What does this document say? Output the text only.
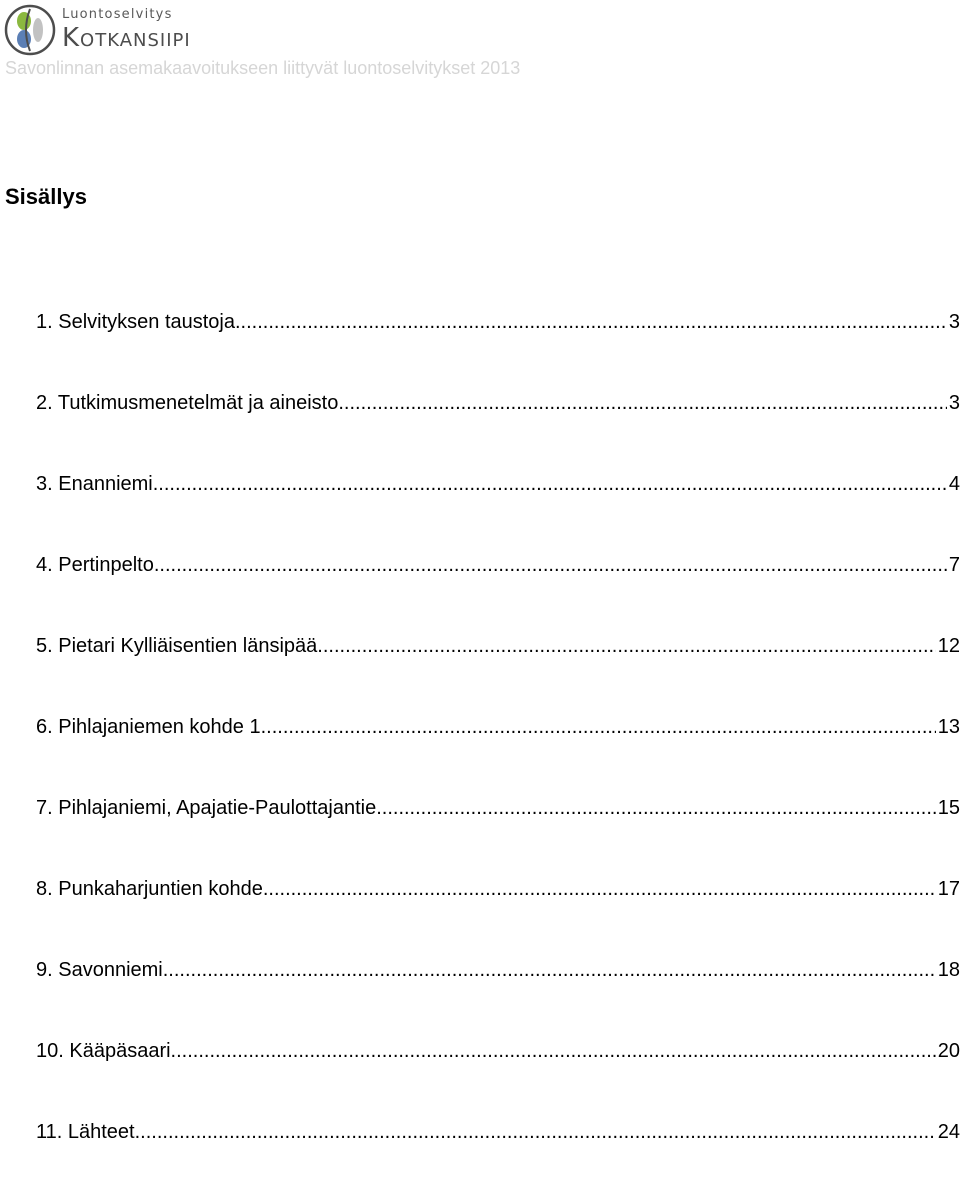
Luontoselvitys
Kotkansiipi
Savonlinnan asemakaavoitukseen liittyvät luontoselvitykset 2013
Sisällys
1. Selvityksen taustoja .....	3
2. Tutkimusmenetelmät ja aineisto .....	3
3. Enanniemi .....	4
4. Pertinpelto .....	7
5. Pietari Kylliäisentien länsipää .....	12
6. Pihlajaniemen kohde 1 .....	13
7. Pihlajaniemi, Apajatie-Paulottajantie .....	15
8. Punkaharjuntien kohde .....	17
9. Savonniemi .....	18
10. Kääpäsaari .....	20
11. Lähteet .....	24
